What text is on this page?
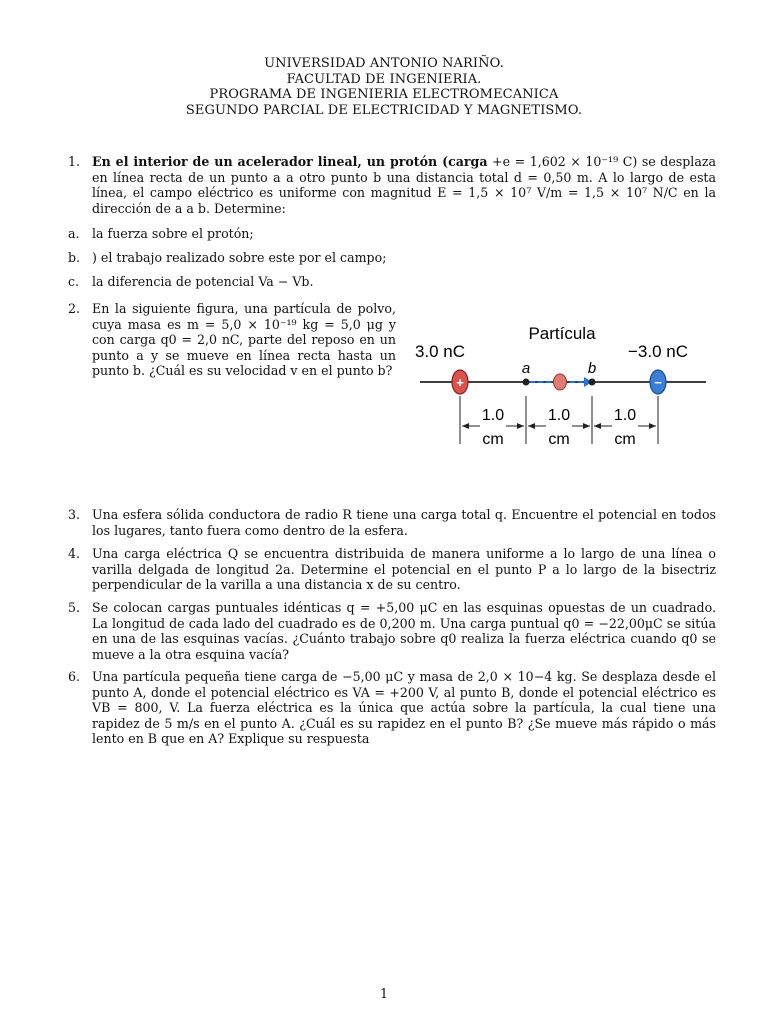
UNIVERSIDAD ANTONIO NARIÑO.
FACULTAD DE INGENIERIA.
PROGRAMA DE INGENIERIA ELECTROMECANICA
SEGUNDO PARCIAL DE ELECTRICIDAD Y MAGNETISMO.
1. En el interior de un acelerador lineal, un protón (carga +e = 1,602 × 10⁻¹⁹ C) se desplaza en línea recta de un punto a a otro punto b una distancia total d = 0,50 m. A lo largo de esta línea, el campo eléctrico es uniforme con magnitud E = 1,5 × 10⁷ V/m = 1,5 × 10⁷ N/C en la dirección de a a b. Determine:
a. la fuerza sobre el protón;
b. ) el trabajo realizado sobre este por el campo;
c.	la diferencia de potencial Va − Vb.
2. En la siguiente figura, una partícula de polvo, cuya masa es m = 5,0 × 10⁻¹⁹ kg = 5,0 μg y con carga q0 = 2,0 nC, parte del reposo en un punto a y se mueve en línea recta hasta un punto b. ¿Cuál es su velocidad v en el punto b?
3. Una esfera sólida conductora de radio R tiene una carga total q. Encuentre el potencial en todos los lugares, tanto fuera como dentro de la esfera.
4. Una carga eléctrica Q se encuentra distribuida de manera uniforme a lo largo de una línea o varilla delgada de longitud 2a. Determine el potencial en el punto P a lo largo de la bisectriz perpendicular de la varilla a una distancia x de su centro.
5. Se colocan cargas puntuales idénticas q = +5,00 μC en las esquinas opuestas de un cuadrado. La longitud de cada lado del cuadrado es de 0,200 m. Una carga puntual q0 = −22,00μC se sitúa en una de las esquinas vacías. ¿Cuánto trabajo sobre q0 realiza la fuerza eléctrica cuando q0 se mueve a la otra esquina vacía?
6. Una partícula pequeña tiene carga de −5,00 μC y masa de 2,0 × 10−4 kg. Se desplaza desde el punto A, donde el potencial eléctrico es VA = +200 V, al punto B, donde el potencial eléctrico es VB = 800, V. La fuerza eléctrica es la única que actúa sobre la partícula, la cual tiene una rapidez de 5 m/s en el punto A. ¿Cuál es su rapidez en el punto B? ¿Se mueve más rápido o más lento en B que en A? Explique su respuesta
3.0 nC	−3.0 nC
Partícula
a	b
+	−
1.0
cm
1.0
cm
1.0
cm
1
